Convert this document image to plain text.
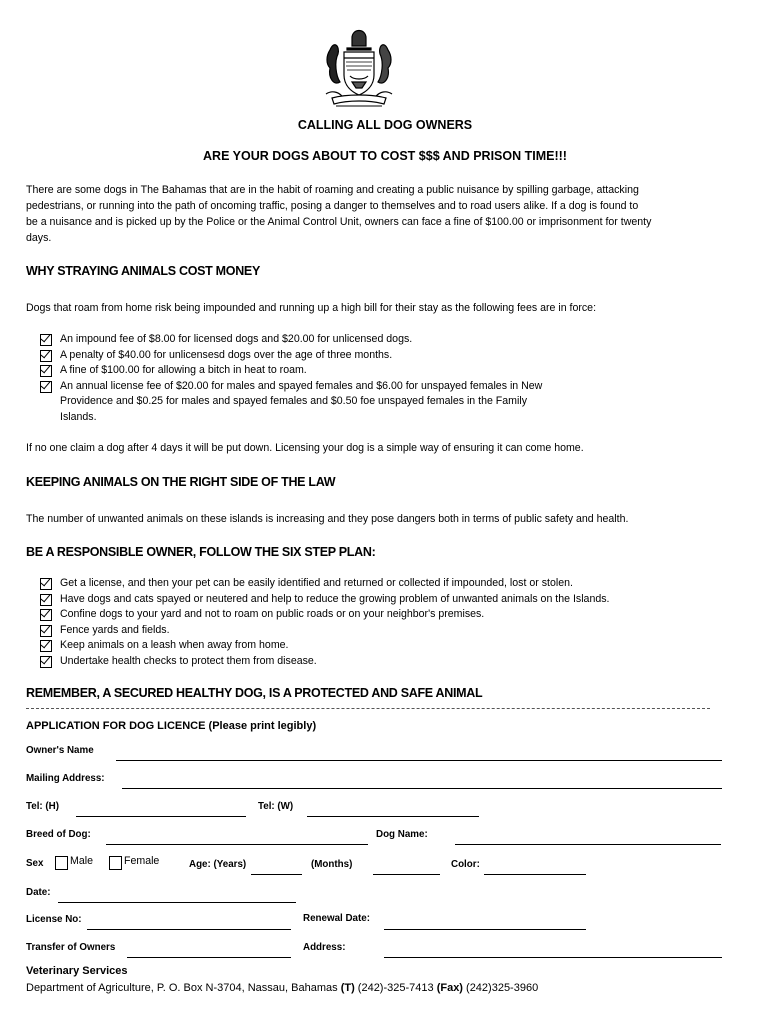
CALLING ALL DOG OWNERS
ARE YOUR DOGS ABOUT TO COST $$$ AND PRISON TIME!!!
There are some dogs in The Bahamas that are in the habit of roaming and creating a public nuisance by spilling garbage, attacking
pedestrians, or running into the path of oncoming traffic, posing a danger to themselves and to road users alike. If a dog is found to
be a nuisance and is picked up by the Police or the Animal Control Unit, owners can face a fine of $100.00 or imprisonment for twenty
days.
WHY STRAYING ANIMALS COST MONEY
Dogs that roam from home risk being impounded and running up a high bill for their stay as the following fees are in force:
An impound fee of $8.00 for licensed dogs and $20.00 for unlicensed dogs.
A penalty of $40.00 for unlicensesd dogs over the age of three months.
A fine of $100.00 for allowing a bitch in heat to roam.
An annual license fee of $20.00 for males and spayed females and $6.00 for unspayed females in New
Providence and $0.25 for males and spayed females and $0.50 foe unspayed females in the Family
Islands.
If no one claim a dog after 4 days it will be put down. Licensing your dog is a simple way of ensuring it can come home.
KEEPING ANIMALS ON THE RIGHT SIDE OF THE LAW
The number of unwanted animals on these islands is increasing and they pose dangers both in terms of public safety and health.
BE A RESPONSIBLE OWNER, FOLLOW THE SIX STEP PLAN:
Get a license, and then your pet can be easily identified and returned or collected if impounded, lost or stolen.
Have dogs and cats spayed or neutered and help to reduce the growing problem of unwanted animals on the Islands.
Confine dogs to your yard and not to roam on public roads or on your neighbor's premises.
Fence yards and fields.
Keep animals on a leash when away from home.
Undertake health checks to protect them from disease.
REMEMBER, A SECURED HEALTHY DOG, IS A PROTECTED AND SAFE ANIMAL
APPLICATION FOR DOG LICENCE (Please print legibly)
Owner's Name
Mailing Address:
Tel: (H)	Tel: (W)
Breed of Dog:	Dog Name:
Sex	Male	Female	Age: (Years)	(Months)	Color:
Date:
License No:	Renewal Date:
Transfer of Owners	Address:
Veterinary Services
Department of Agriculture, P. O. Box N-3704, Nassau, Bahamas (T) (242)-325-7413 (Fax) (242)325-3960
